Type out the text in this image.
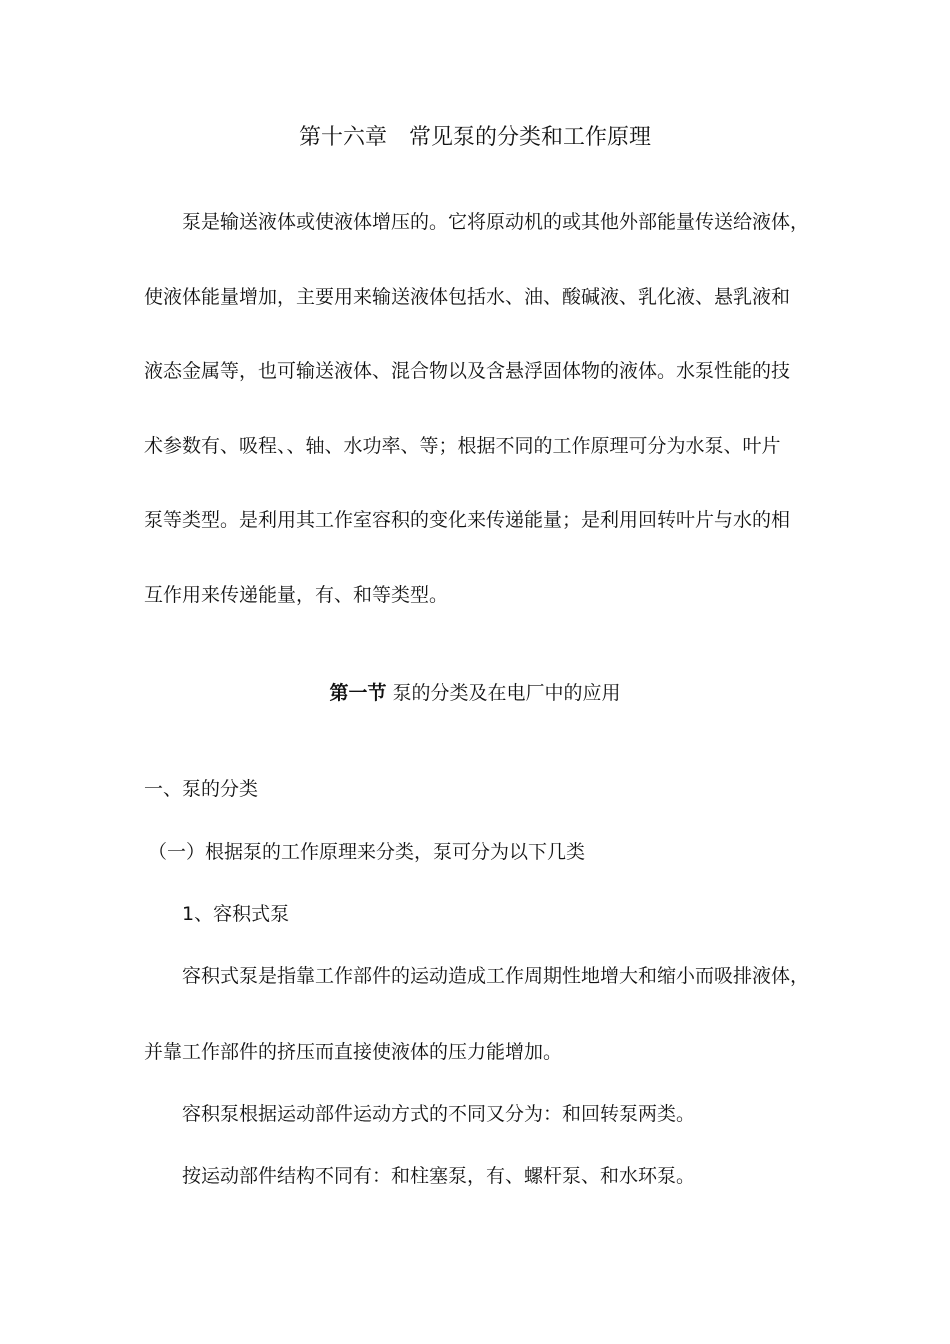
第十六章 常见泵的分类和工作原理
泵是输送液体或使液体增压的。它将原动机的或其他外部能量传送给液体，
使液体能量增加，主要用来输送液体包括水、油、酸碱液、乳化液、悬乳液和
液态金属等，也可输送液体、混合物以及含悬浮固体物的液体。水泵性能的技
术参数有、吸程、、轴、水功率、等；根据不同的工作原理可分为水泵、叶片
泵等类型。是利用其工作室容积的变化来传递能量；是利用回转叶片与水的相
互作用来传递能量，有、和等类型。
第一节 泵的分类及在电厂中的应用
一、泵的分类
（一）根据泵的工作原理来分类，泵可分为以下几类
1、容积式泵
容积式泵是指靠工作部件的运动造成工作周期性地增大和缩小而吸排液体，
并靠工作部件的挤压而直接使液体的压力能增加。
容积泵根据运动部件运动方式的不同又分为：和回转泵两类。
按运动部件结构不同有：和柱塞泵，有、螺杆泵、和水环泵。
